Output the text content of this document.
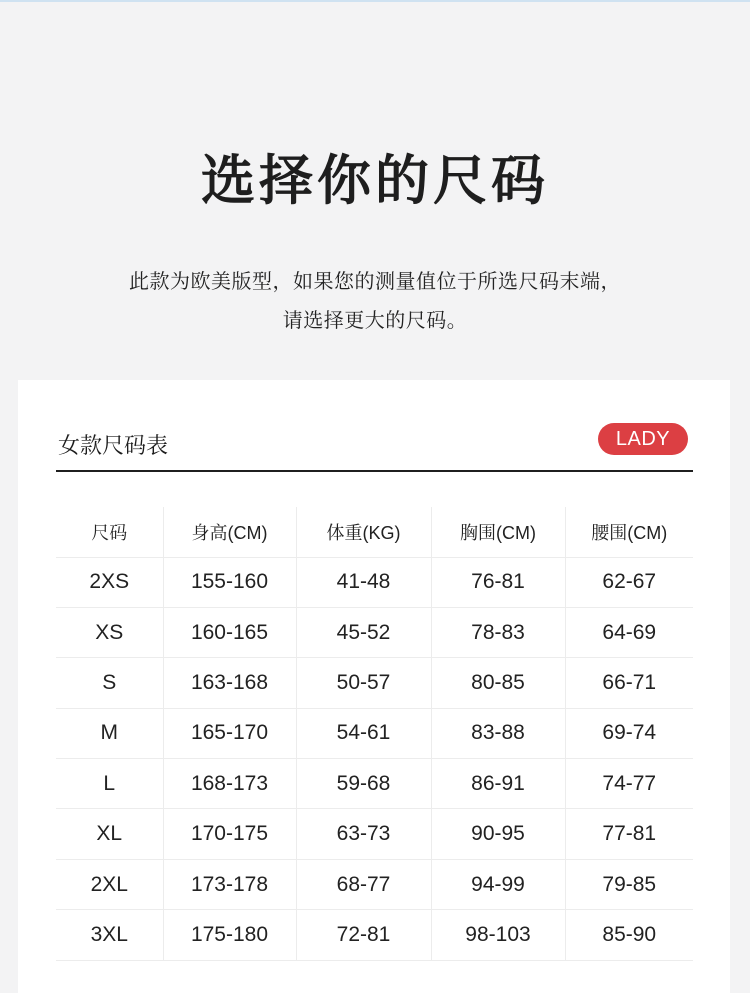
选择你的尺码

此款为欧美版型，如果您的测量值位于所选尺码末端，

请选择更大的尺码。

女款尺码表	LADY
尺码	身高(CM)	体重(KG)	胸围(CM)	腰围(CM)
2XS	155-160	41-48	76-81	62-67
XS	160-165	45-52	78-83	64-69
S	163-168	50-57	80-85	66-71
M	165-170	54-61	83-88	69-74
L	168-173	59-68	86-91	74-77
XL	170-175	63-73	90-95	77-81
2XL	173-178	68-77	94-99	79-85
3XL	175-180	72-81	98-103	85-90
